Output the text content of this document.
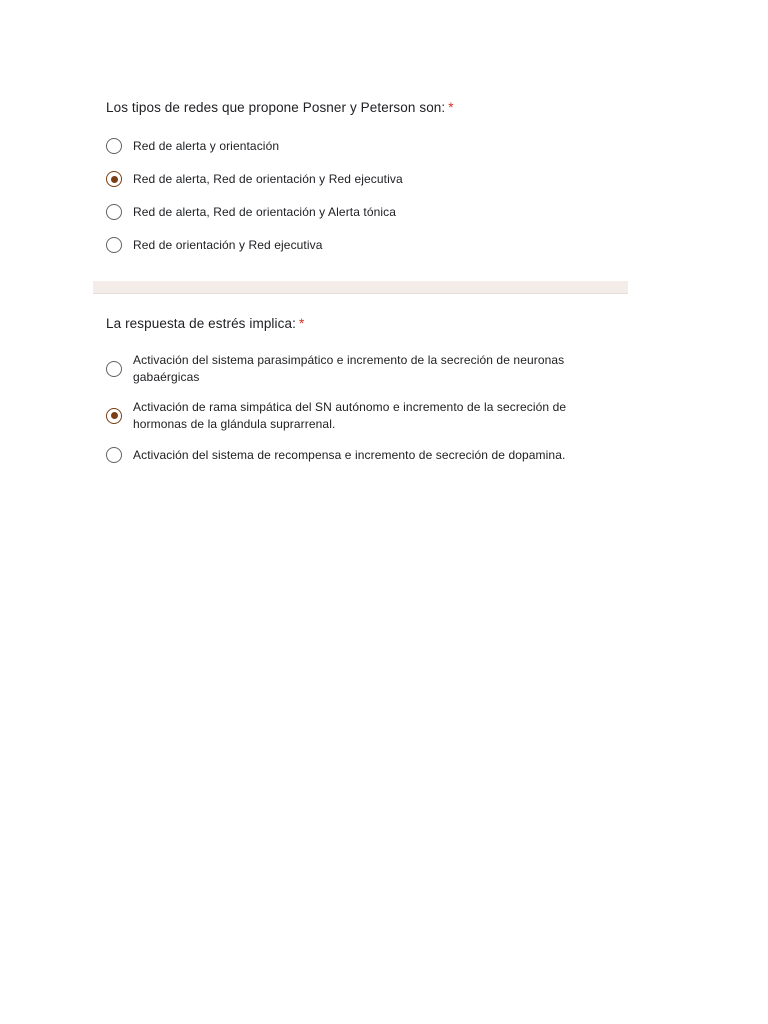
Los tipos de redes que propone Posner y Peterson son: *
Red de alerta y orientación
Red de alerta, Red de orientación y Red ejecutiva
Red de alerta, Red de orientación y Alerta tónica
Red de orientación y Red ejecutiva
La respuesta de estrés implica: *
Activación del sistema parasimpático e incremento de la secreción de neuronas gabaérgicas
Activación de rama simpática del SN autónomo e incremento de la secreción de hormonas de la glándula suprarrenal.
Activación del sistema de recompensa e incremento de secreción de dopamina.
